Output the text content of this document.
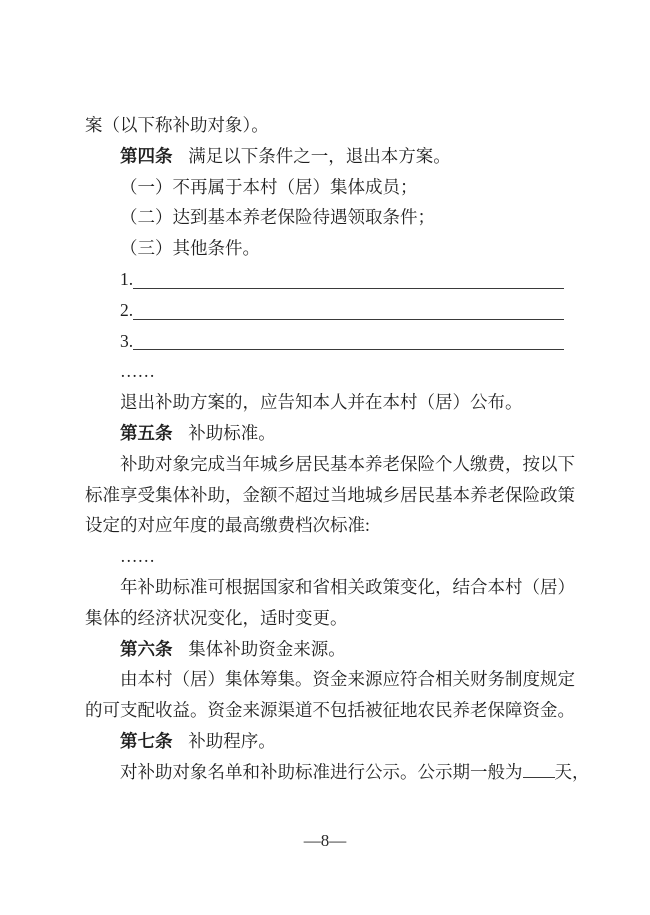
案（以下称补助对象）。
第四条 满足以下条件之一，退出本方案。
（一）不再属于本村（居）集体成员；
（二）达到基本养老保险待遇领取条件；
（三）其他条件。
1.
2.
3.
……
退出补助方案的，应告知本人并在本村（居）公布。
第五条 补助标准。
补助对象完成当年城乡居民基本养老保险个人缴费，按以下
标准享受集体补助，金额不超过当地城乡居民基本养老保险政策
设定的对应年度的最高缴费档次标准:
……
年补助标准可根据国家和省相关政策变化，结合本村（居）
集体的经济状况变化，适时变更。
第六条 集体补助资金来源。
由本村（居）集体筹集。资金来源应符合相关财务制度规定
的可支配收益。资金来源渠道不包括被征地农民养老保障资金。
第七条 补助程序。
对补助对象名单和补助标准进行公示。公示期一般为 天，
—8—
